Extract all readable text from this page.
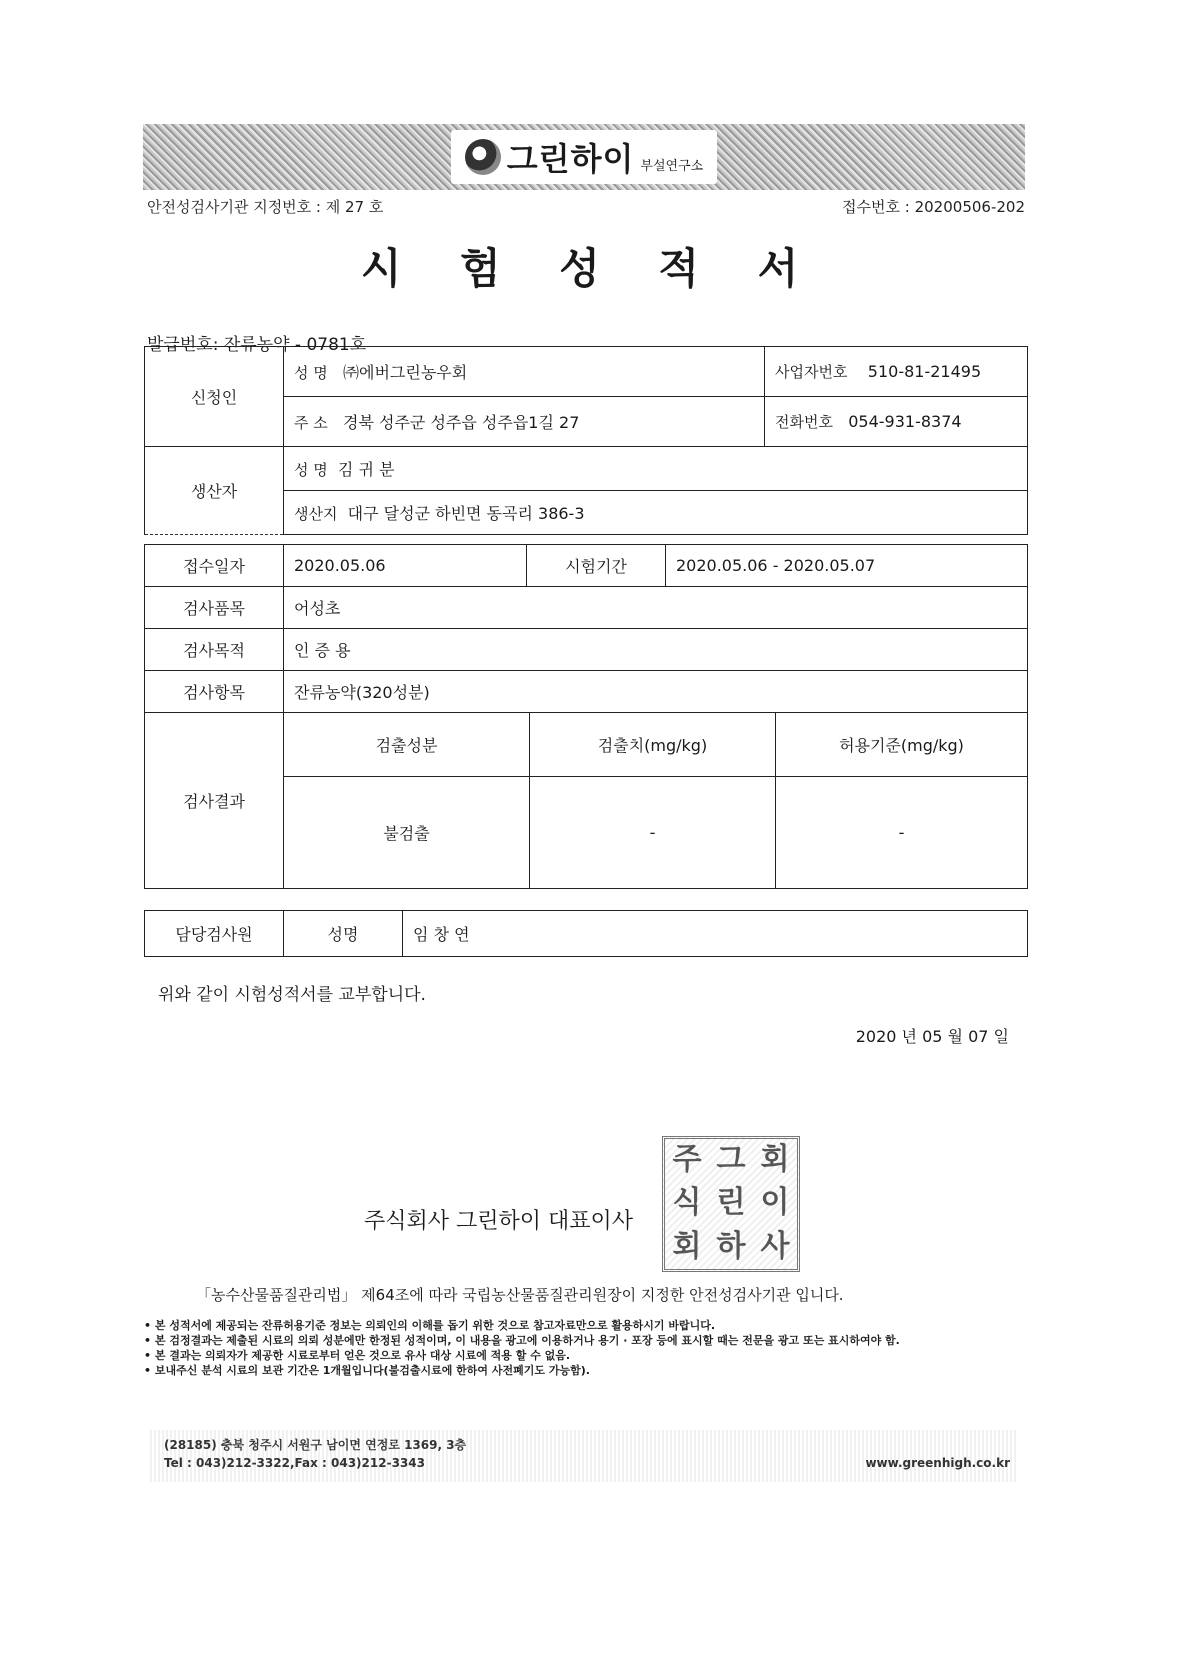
그린하이 부설연구소
안전성검사기관 지정번호 : 제 27 호	접수번호 : 20200506-202
시 험 성 적 서
발급번호: 잔류농약 - 0781호
신청인	성 명 ㈜에버그린농우회	사업자번호 510-81-21495
	주 소 경북 성주군 성주읍 성주읍1길 27	전화번호 054-931-8374
생산자	성 명 김 귀 분	
	생산지 대구 달성군 하빈면 동곡리 386-3	
접수일자	2020.05.06	시험기간	2020.05.06 - 2020.05.07
검사품목	어성초		
검사목적	인 증 용		
검사항목	잔류농약(320성분)		
검사결과	검출성분	검출치(mg/kg)	허용기준(mg/kg)
	불검출	-	-
담당검사원	성명	임 창 연
위와 같이 시험성적서를 교부합니다.
2020 년 05 월 07 일
주식회사 그린하이 대표이사
주 그 회
식 린 이
회 하 사
「농수산물품질관리법」 제64조에 따라 국립농산물품질관리원장이 지정한 안전성검사기관 입니다.
• 본 성적서에 제공되는 잔류허용기준 정보는 의뢰인의 이해를 돕기 위한 것으로 참고자료만으로 활용하시기 바랍니다.
• 본 검정결과는 제출된 시료의 의뢰 성분에만 한정된 성적이며, 이 내용을 광고에 이용하거나 용기 · 포장 등에 표시할 때는 전문을 광고 또는 표시하여야 함.
• 본 결과는 의뢰자가 제공한 시료로부터 얻은 것으로 유사 대상 시료에 적용 할 수 없음.
• 보내주신 분석 시료의 보관 기간은 1개월입니다(불검출시료에 한하여 사전폐기도 가능함).
(28185) 충북 청주시 서원구 남이면 연정로 1369, 3층
Tel : 043)212-3322,Fax : 043)212-3343	www.greenhigh.co.kr
